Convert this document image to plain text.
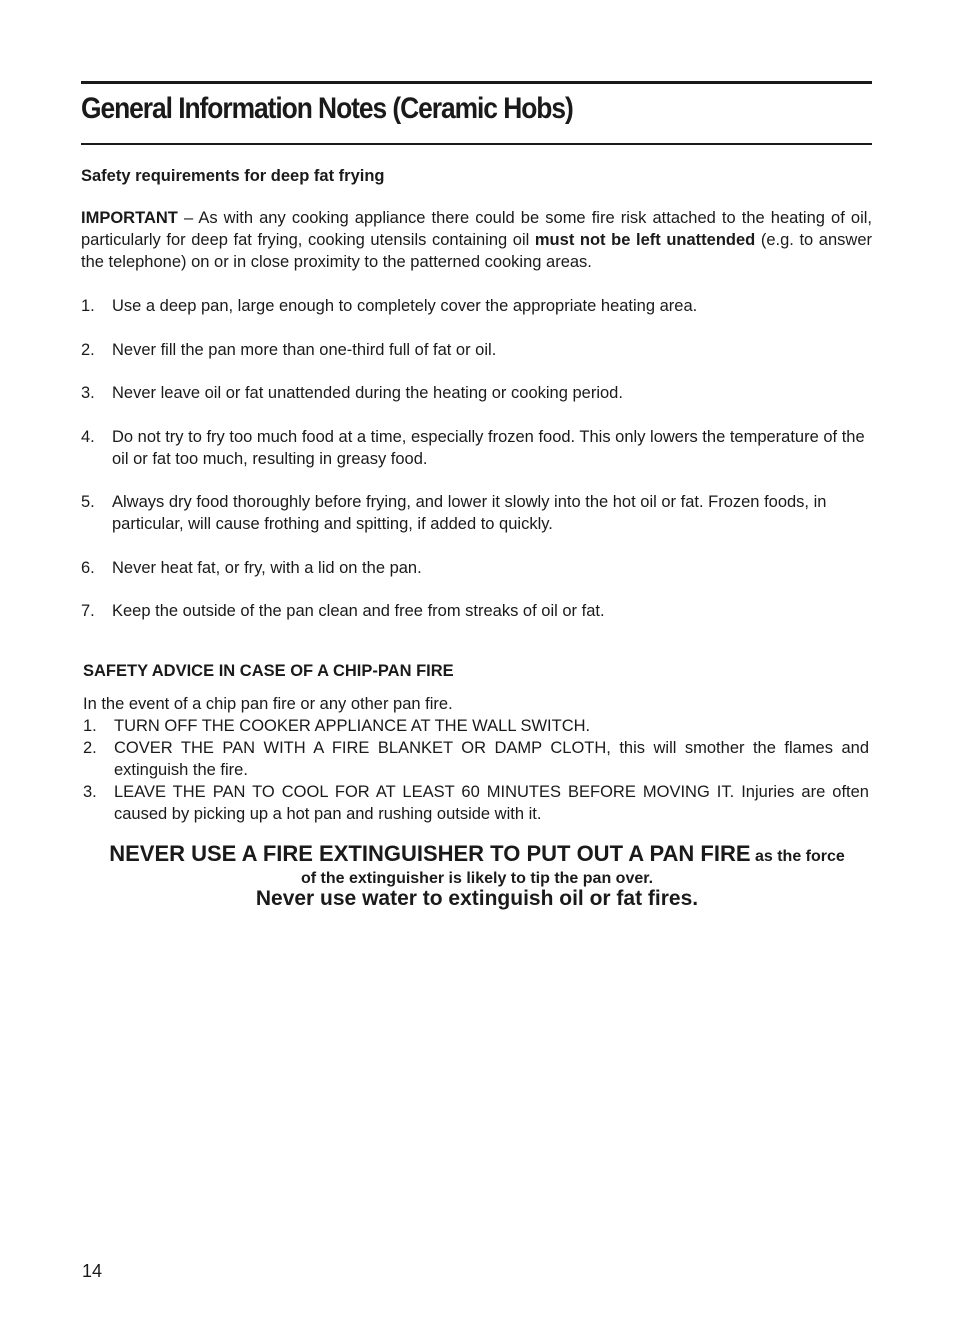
General Information Notes (Ceramic Hobs)

Safety requirements for deep fat frying

IMPORTANT – As with any cooking appliance there could be some fire risk attached to the heating of oil, particularly for deep fat frying, cooking utensils containing oil must not be left unattended (e.g. to answer the telephone) on or in close proximity to the patterned cooking areas.

1. Use a deep pan, large enough to completely cover the appropriate heating area.
2. Never fill the pan more than one-third full of fat or oil.
3. Never leave oil or fat unattended during the heating or cooking period.
4. Do not try to fry too much food at a time, especially frozen food. This only lowers the temperature of the oil or fat too much, resulting in greasy food.
5. Always dry food thoroughly before frying, and lower it slowly into the hot oil or fat. Frozen foods, in particular, will cause frothing and spitting, if added to quickly.
6. Never heat fat, or fry, with a lid on the pan.
7. Keep the outside of the pan clean and free from streaks of oil or fat.

SAFETY ADVICE IN CASE OF A CHIP-PAN FIRE

In the event of a chip pan fire or any other pan fire.

1. TURN OFF THE COOKER APPLIANCE AT THE WALL SWITCH.
2. COVER THE PAN WITH A FIRE BLANKET OR DAMP CLOTH, this will smother the flames and extinguish the fire.
3. LEAVE THE PAN TO COOL FOR AT LEAST 60 MINUTES BEFORE MOVING IT. Injuries are often caused by picking up a hot pan and rushing outside with it.

NEVER USE A FIRE EXTINGUISHER TO PUT OUT A PAN FIRE as the force

of the extinguisher is likely to tip the pan over.

Never use water to extinguish oil or fat fires.

14
